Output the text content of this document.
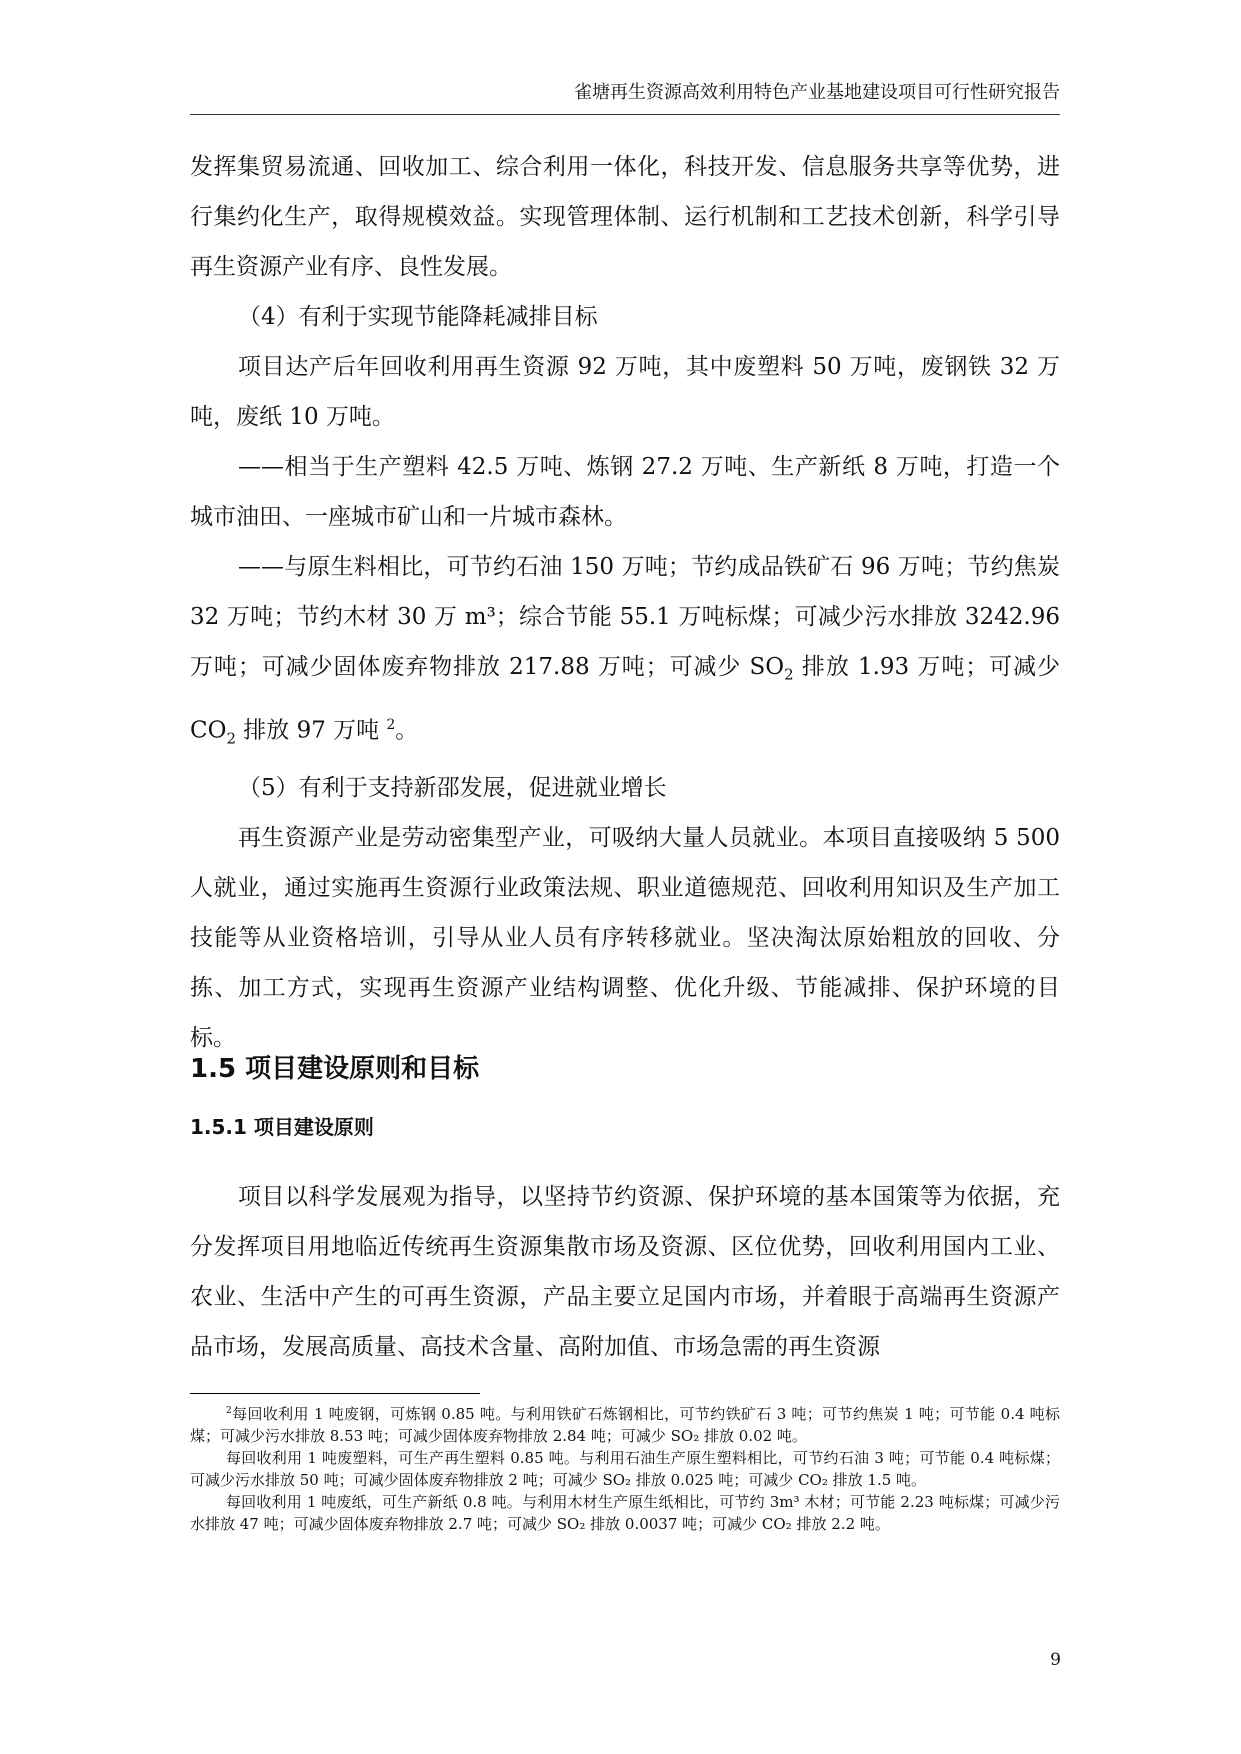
雀塘再生资源高效利用特色产业基地建设项目可行性研究报告

发挥集贸易流通、回收加工、综合利用一体化，科技开发、信息服务共享等优势，进行集约化生产，取得规模效益。实现管理体制、运行机制和工艺技术创新，科学引导再生资源产业有序、良性发展。

（4）有利于实现节能降耗减排目标

项目达产后年回收利用再生资源 92 万吨，其中废塑料 50 万吨，废钢铁 32 万吨，废纸 10 万吨。

——相当于生产塑料 42.5 万吨、炼钢 27.2 万吨、生产新纸 8 万吨，打造一个城市油田、一座城市矿山和一片城市森林。

——与原生料相比，可节约石油 150 万吨；节约成品铁矿石 96 万吨；节约焦炭 32 万吨；节约木材 30 万 m³；综合节能 55.1 万吨标煤；可减少污水排放 3242.96 万吨；可减少固体废弃物排放 217.88 万吨；可减少 $SO_2$ 排放 1.93 万吨；可减少 $CO_2$ 排放 97 万吨 $^2$。

（5）有利于支持新邵发展，促进就业增长

再生资源产业是劳动密集型产业，可吸纳大量人员就业。本项目直接吸纳 5 500 人就业，通过实施再生资源行业政策法规、职业道德规范、回收利用知识及生产加工技能等从业资格培训，引导从业人员有序转移就业。坚决淘汰原始粗放的回收、分拣、加工方式，实现再生资源产业结构调整、优化升级、节能减排、保护环境的目标。

1.5 项目建设原则和目标
1.5.1 项目建设原则

项目以科学发展观为指导，以坚持节约资源、保护环境的基本国策等为依据，充分发挥项目用地临近传统再生资源集散市场及资源、区位优势，回收利用国内工业、农业、生活中产生的可再生资源，产品主要立足国内市场，并着眼于高端再生资源产品市场，发展高质量、高技术含量、高附加值、市场急需的再生资源

$^2$每回收利用 1 吨废钢，可炼钢 0.85 吨。与利用铁矿石炼钢相比，可节约铁矿石 3 吨；可节约焦炭 1 吨；可节能 0.4 吨标煤；可减少污水排放 8.53 吨；可减少固体废弃物排放 2.84 吨；可减少 SO₂ 排放 0.02 吨。

每回收利用 1 吨废塑料，可生产再生塑料 0.85 吨。与利用石油生产原生塑料相比，可节约石油 3 吨；可节能 0.4 吨标煤；可减少污水排放 50 吨；可减少固体废弃物排放 2 吨；可减少 SO₂ 排放 0.025 吨；可减少 CO₂ 排放 1.5 吨。

每回收利用 1 吨废纸，可生产新纸 0.8 吨。与利用木材生产原生纸相比，可节约 3m³ 木材；可节能 2.23 吨标煤；可减少污水排放 47 吨；可减少固体废弃物排放 2.7 吨；可减少 SO₂ 排放 0.0037 吨；可减少 CO₂ 排放 2.2 吨。

9
